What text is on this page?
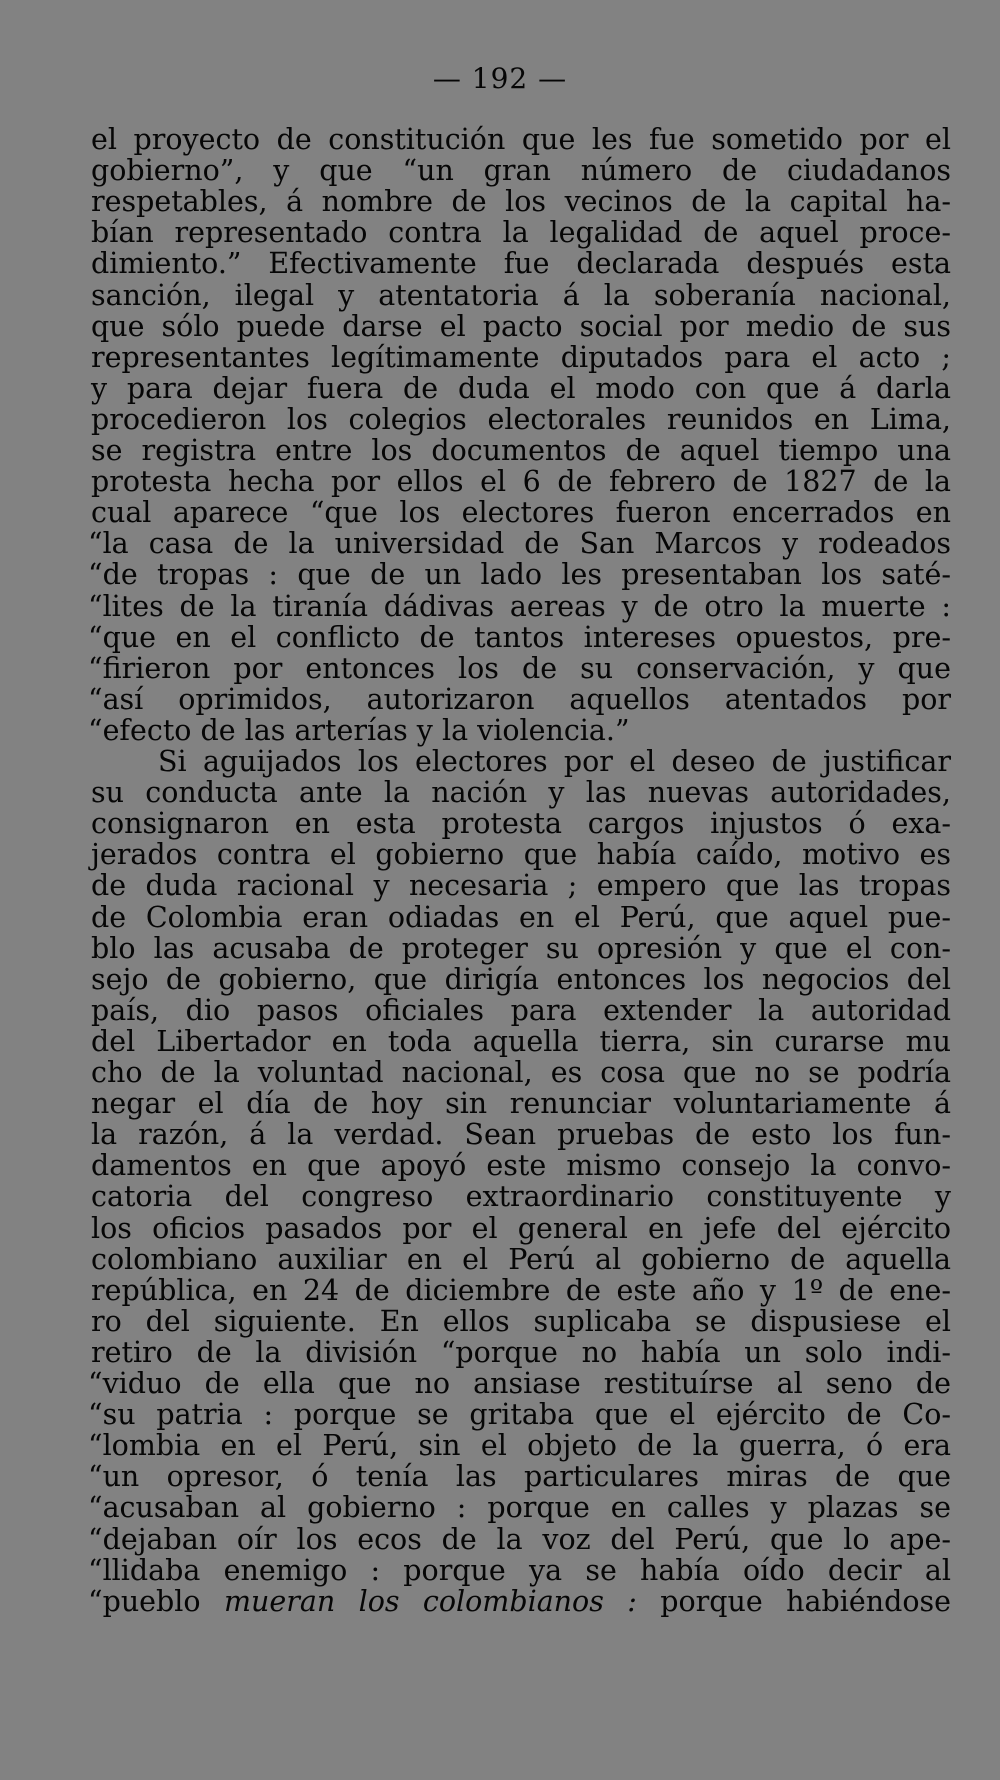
— 192 —
el proyecto de constitución que les fue sometido por el
gobierno”, y que “un gran número de ciudadanos
respetables, á nombre de los vecinos de la capital ha-
bían representado contra la legalidad de aquel proce-
dimiento.” Efectivamente fue declarada después esta
sanción, ilegal y atentatoria á la soberanía nacional,
que sólo puede darse el pacto social por medio de sus
representantes legítimamente diputados para el acto ;
y para dejar fuera de duda el modo con que á darla
procedieron los colegios electorales reunidos en Lima,
se registra entre los documentos de aquel tiempo una
protesta hecha por ellos el 6 de febrero de 1827 de la
cual aparece “que los electores fueron encerrados en
“la casa de la universidad de San Marcos y rodeados
“de tropas : que de un lado les presentaban los saté-
“lites de la tiranía dádivas aereas y de otro la muerte :
“que en el conflicto de tantos intereses opuestos, pre-
“firieron por entonces los de su conservación, y que
“así oprimidos, autorizaron aquellos atentados por
“efecto de las arterías y la violencia.”
Si aguijados los electores por el deseo de justificar
su conducta ante la nación y las nuevas autoridades,
consignaron en esta protesta cargos injustos ó exa-
jerados contra el gobierno que había caído, motivo es
de duda racional y necesaria ; empero que las tropas
de Colombia eran odiadas en el Perú, que aquel pue-
blo las acusaba de proteger su opresión y que el con-
sejo de gobierno, que dirigía entonces los negocios del
país, dio pasos oficiales para extender la autoridad
del Libertador en toda aquella tierra, sin curarse mu
cho de la voluntad nacional, es cosa que no se podría
negar el día de hoy sin renunciar voluntariamente á
la razón, á la verdad. Sean pruebas de esto los fun-
damentos en que apoyó este mismo consejo la convo-
catoria del congreso extraordinario constituyente y
los oficios pasados por el general en jefe del ejército
colombiano auxiliar en el Perú al gobierno de aquella
república, en 24 de diciembre de este año y 1º de ene-
ro del siguiente. En ellos suplicaba se dispusiese el
retiro de la división “porque no había un solo indi-
“viduo de ella que no ansiase restituírse al seno de
“su patria : porque se gritaba que el ejército de Co-
“lombia en el Perú, sin el objeto de la guerra, ó era
“un opresor, ó tenía las particulares miras de que
“acusaban al gobierno : porque en calles y plazas se
“dejaban oír los ecos de la voz del Perú, que lo ape-
“llidaba enemigo : porque ya se había oído decir al
“pueblo mueran los colombianos : porque habiéndose
